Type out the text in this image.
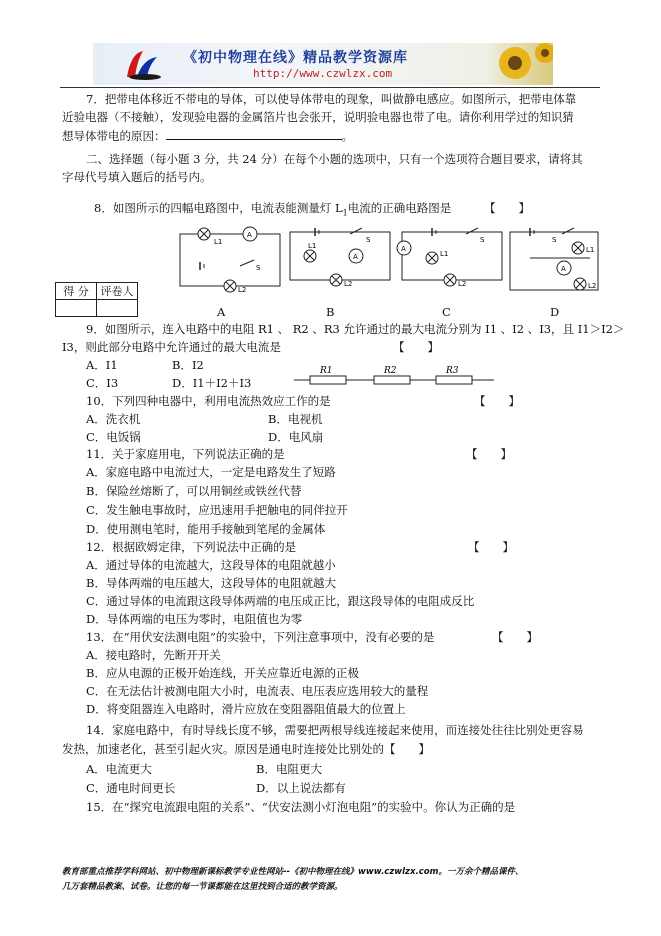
《初中物理在线》精品教学资源库
http://www.czwlzx.com
7．把带电体移近不带电的导体，可以使导体带电的现象，叫做静电感应。如图所示，把带电体靠
近验电器（不接触），发现验电器的金属箔片也会张开，说明验电器也带了电。请你利用学过的知识猜
想导体带电的原因：	。
二、选择题（每小题 3 分，共 24 分）在每个小题的选项中，只有一个选项符合题目要求，请将其
字母代号填入题后的括号内。
8．如图所示的四幅电路图中，电流表能测量灯 $L_1$电流的正确电路图是	【　　】
A
L1
S
L2
A
L1
S
L2
A
L1
S
L2
A
L1
S
L2
A	B	C	D
得 分	评卷人

9．如图所示，连入电路中的电阻 R1 、 R2 、R3 允许通过的最大电流分别为 I1 、I2 、I3，且 I1＞I2＞
I3，则此部分电路中允许通过的最大电流是	【　　】
A．I1	B．I2
C．I3	D．I1＋I2＋I3
R1	R2	R3
10．下列四种电器中，利用电流热效应工作的是	【　　】
A．洗衣机	B．电视机
C．电饭锅	D．电风扇
11．关于家庭用电，下列说法正确的是	【　　】
A．家庭电路中电流过大，一定是电路发生了短路
B．保险丝熔断了，可以用铜丝或铁丝代替
C．发生触电事故时，应迅速用手把触电的同伴拉开
D．使用测电笔时，能用手接触到笔尾的金属体
12．根据欧姆定律，下列说法中正确的是	【　　】
A．通过导体的电流越大，这段导体的电阻就越小
B．导体两端的电压越大，这段导体的电阻就越大
C．通过导体的电流跟这段导体两端的电压成正比，跟这段导体的电阻成反比
D．导体两端的电压为零时，电阻值也为零
13．在“用伏安法测电阻”的实验中，下列注意事项中，没有必要的是	【　　】
A．接电路时，先断开开关
B．应从电源的正极开始连线，开关应靠近电源的正极
C．在无法估计被测电阻大小时，电流表、电压表应选用较大的量程
D．将变阻器连入电路时，滑片应放在变阻器阻值最大的位置上
14．家庭电路中，有时导线长度不够，需要把两根导线连接起来使用，而连接处往往比别处更容易
发热，加速老化，甚至引起火灾。原因是通电时连接处比别处的【　　】
A．电流更大	B．电阻更大
C．通电时间更长	D．以上说法都有
15．在“探究电流跟电阻的关系”、“伏安法测小灯泡电阻”的实验中。你认为正确的是
教育部重点推荐学科网站、初中物理新课标教学专业性网站--《初中物理在线》www.czwlzx.com。一万余个精品课件、
几万套精品教案、试卷。让您的每一节课都能在这里找到合适的教学资源。
